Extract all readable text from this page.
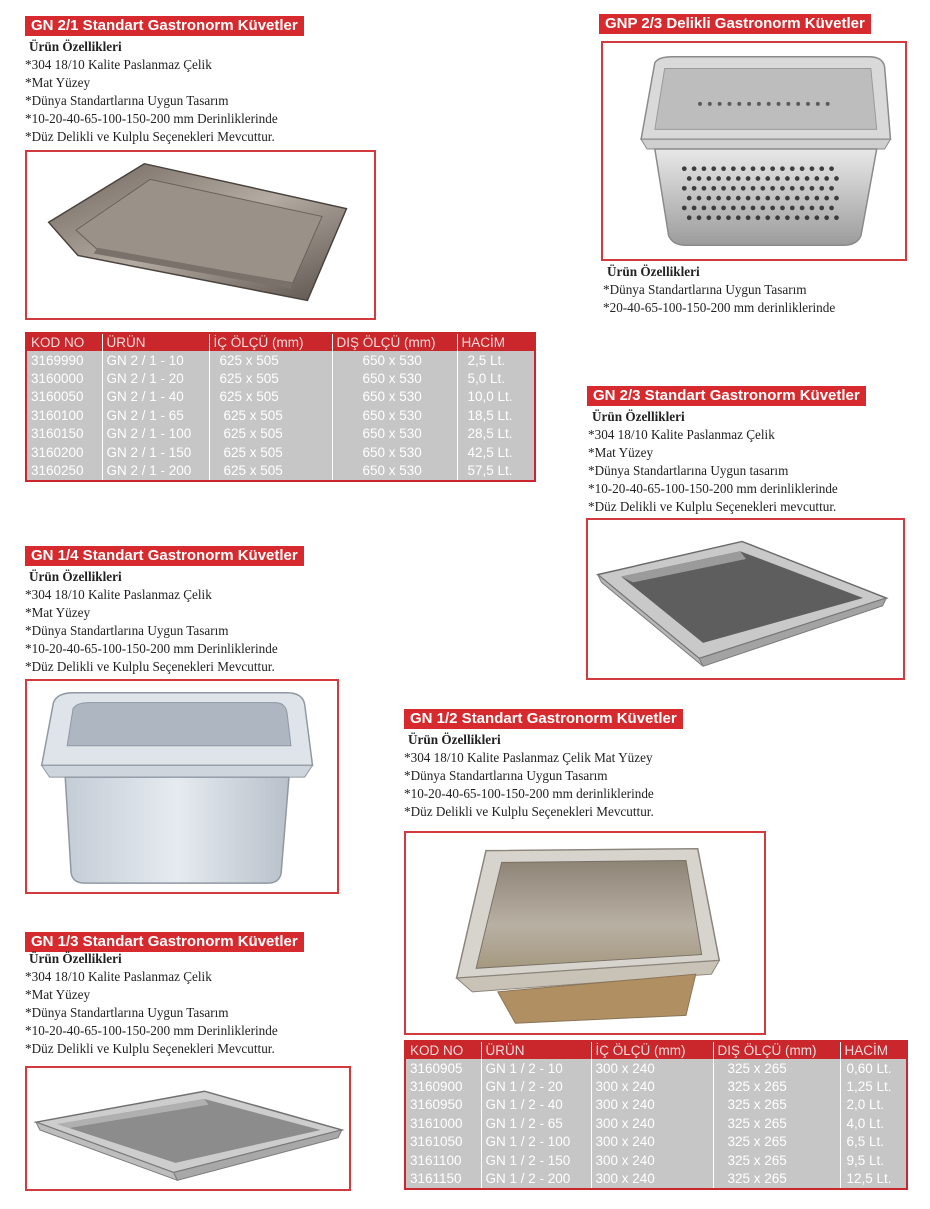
GN 2/1 Standart Gastronorm Küvetler
Ürün Özellikleri
*304 18/10 Kalite Paslanmaz Çelik
*Mat Yüzey
*Dünya Standartlarına Uygun Tasarım
*10-20-40-65-100-150-200 mm Derinliklerinde
*Düz Delikli ve Kulplu Seçenekleri Mevcuttur.
KOD NO	ÜRÜN	İÇ ÖLÇÜ (mm)	DIŞ ÖLÇÜ (mm)	HACİM
3169990	GN 2 / 1 - 10	625 x 505	650 x 530	2,5 Lt.
3160000	GN 2 / 1 - 20	625 x 505	650 x 530	5,0 Lt.
3160050	GN 2 / 1 - 40	625 x 505	650 x 530	10,0 Lt.
3160100	GN 2 / 1 - 65	625 x 505	650 x 530	18,5 Lt.
3160150	GN 2 / 1 - 100	625 x 505	650 x 530	28,5 Lt.
3160200	GN 2 / 1 - 150	625 x 505	650 x 530	42,5 Lt.
3160250	GN 2 / 1 - 200	625 x 505	650 x 530	57,5 Lt.
GNP 2/3 Delikli Gastronorm Küvetler
Ürün Özellikleri
*Dünya Standartlarına Uygun Tasarım
*20-40-65-100-150-200 mm derinliklerinde
GN 2/3 Standart Gastronorm Küvetler
Ürün Özellikleri
*304 18/10 Kalite Paslanmaz Çelik
*Mat Yüzey
*Dünya Standartlarına Uygun tasarım
*10-20-40-65-100-150-200 mm derinliklerinde
*Düz Delikli ve Kulplu Seçenekleri mevcuttur.
GN 1/4 Standart Gastronorm Küvetler
Ürün Özellikleri
*304 18/10 Kalite Paslanmaz Çelik
*Mat Yüzey
*Dünya Standartlarına Uygun Tasarım
*10-20-40-65-100-150-200 mm Derinliklerinde
*Düz Delikli ve Kulplu Seçenekleri Mevcuttur.
GN 1/2 Standart Gastronorm Küvetler
Ürün Özellikleri
*304 18/10 Kalite Paslanmaz Çelik Mat Yüzey
*Dünya Standartlarına Uygun Tasarım
*10-20-40-65-100-150-200 mm derinliklerinde
*Düz Delikli ve Kulplu Seçenekleri Mevcuttur.
KOD NO	ÜRÜN	İÇ ÖLÇÜ (mm)	DIŞ ÖLÇÜ (mm)	HACİM
3160905	GN 1 / 2 - 10	300 x 240	325 x 265	0,60 Lt.
3160900	GN 1 / 2 - 20	300 x 240	325 x 265	1,25 Lt.
3160950	GN 1 / 2 - 40	300 x 240	325 x 265	2,0 Lt.
3161000	GN 1 / 2 - 65	300 x 240	325 x 265	4,0 Lt.
3161050	GN 1 / 2 - 100	300 x 240	325 x 265	6,5 Lt.
3161100	GN 1 / 2 - 150	300 x 240	325 x 265	9,5 Lt.
3161150	GN 1 / 2 - 200	300 x 240	325 x 265	12,5 Lt.
GN 1/3 Standart Gastronorm Küvetler
Ürün Özellikleri
*304 18/10 Kalite Paslanmaz Çelik
*Mat Yüzey
*Dünya Standartlarına Uygun Tasarım
*10-20-40-65-100-150-200 mm Derinliklerinde
*Düz Delikli ve Kulplu Seçenekleri Mevcuttur.
